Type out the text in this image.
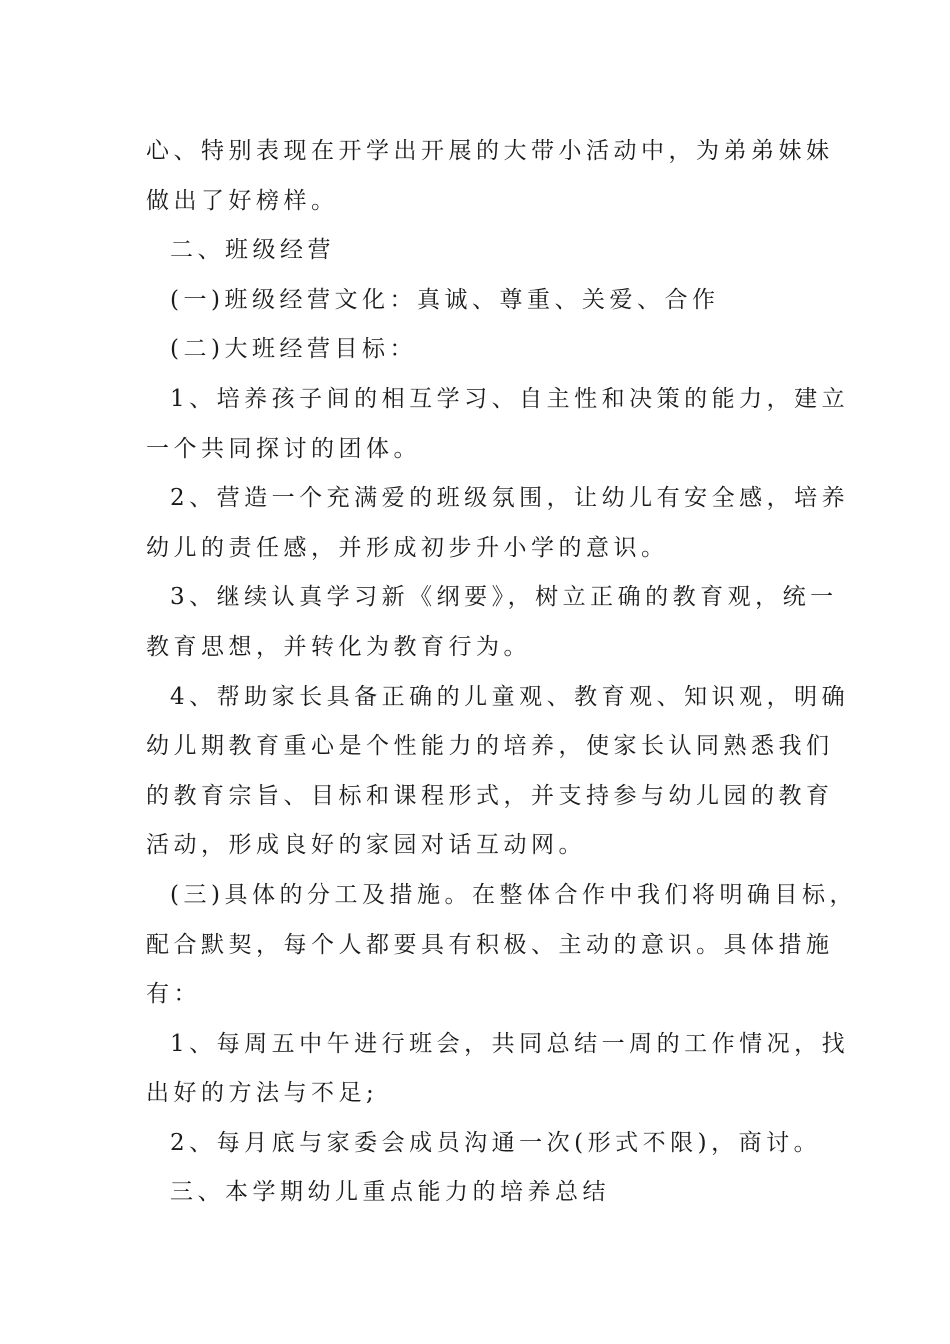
心、特别表现在开学出开展的大带小活动中，为弟弟妹妹
做出了好榜样。
二、班级经营
(一)班级经营文化：真诚、尊重、关爱、合作
(二)大班经营目标：
1、培养孩子间的相互学习、自主性和决策的能力，建立
一个共同探讨的团体。
2、营造一个充满爱的班级氛围，让幼儿有安全感，培养
幼儿的责任感，并形成初步升小学的意识。
3、继续认真学习新《纲要》，树立正确的教育观，统一
教育思想，并转化为教育行为。
4、帮助家长具备正确的儿童观、教育观、知识观，明确
幼儿期教育重心是个性能力的培养，使家长认同熟悉我们
的教育宗旨、目标和课程形式，并支持参与幼儿园的教育
活动，形成良好的家园对话互动网。
(三)具体的分工及措施。在整体合作中我们将明确目标，
配合默契，每个人都要具有积极、主动的意识。具体措施
有：
1、每周五中午进行班会，共同总结一周的工作情况，找
出好的方法与不足;
2、每月底与家委会成员沟通一次(形式不限)，商讨。
三、本学期幼儿重点能力的培养总结
